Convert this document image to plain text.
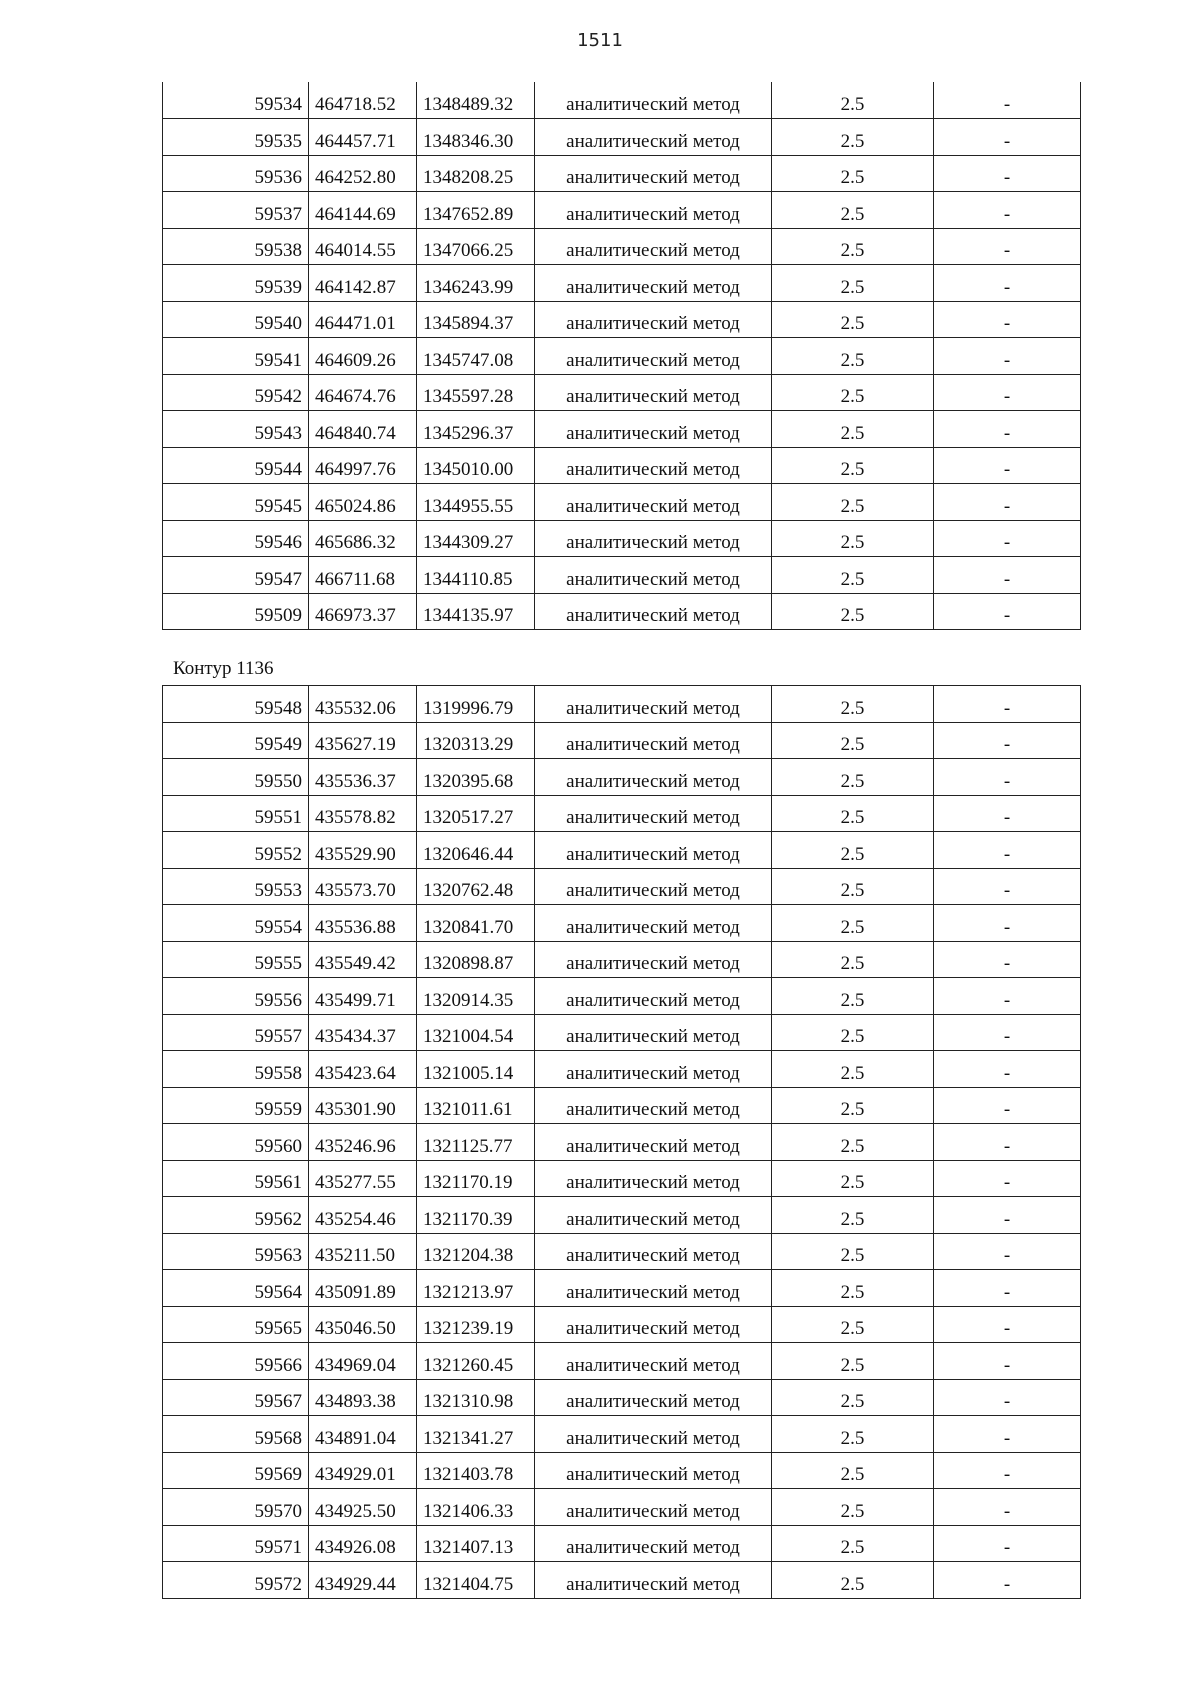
1511
59534	464718.52	1348489.32	аналитический метод	2.5	-
59535	464457.71	1348346.30	аналитический метод	2.5	-
59536	464252.80	1348208.25	аналитический метод	2.5	-
59537	464144.69	1347652.89	аналитический метод	2.5	-
59538	464014.55	1347066.25	аналитический метод	2.5	-
59539	464142.87	1346243.99	аналитический метод	2.5	-
59540	464471.01	1345894.37	аналитический метод	2.5	-
59541	464609.26	1345747.08	аналитический метод	2.5	-
59542	464674.76	1345597.28	аналитический метод	2.5	-
59543	464840.74	1345296.37	аналитический метод	2.5	-
59544	464997.76	1345010.00	аналитический метод	2.5	-
59545	465024.86	1344955.55	аналитический метод	2.5	-
59546	465686.32	1344309.27	аналитический метод	2.5	-
59547	466711.68	1344110.85	аналитический метод	2.5	-
59509	466973.37	1344135.97	аналитический метод	2.5	-
Контур 1136
59548	435532.06	1319996.79	аналитический метод	2.5	-
59549	435627.19	1320313.29	аналитический метод	2.5	-
59550	435536.37	1320395.68	аналитический метод	2.5	-
59551	435578.82	1320517.27	аналитический метод	2.5	-
59552	435529.90	1320646.44	аналитический метод	2.5	-
59553	435573.70	1320762.48	аналитический метод	2.5	-
59554	435536.88	1320841.70	аналитический метод	2.5	-
59555	435549.42	1320898.87	аналитический метод	2.5	-
59556	435499.71	1320914.35	аналитический метод	2.5	-
59557	435434.37	1321004.54	аналитический метод	2.5	-
59558	435423.64	1321005.14	аналитический метод	2.5	-
59559	435301.90	1321011.61	аналитический метод	2.5	-
59560	435246.96	1321125.77	аналитический метод	2.5	-
59561	435277.55	1321170.19	аналитический метод	2.5	-
59562	435254.46	1321170.39	аналитический метод	2.5	-
59563	435211.50	1321204.38	аналитический метод	2.5	-
59564	435091.89	1321213.97	аналитический метод	2.5	-
59565	435046.50	1321239.19	аналитический метод	2.5	-
59566	434969.04	1321260.45	аналитический метод	2.5	-
59567	434893.38	1321310.98	аналитический метод	2.5	-
59568	434891.04	1321341.27	аналитический метод	2.5	-
59569	434929.01	1321403.78	аналитический метод	2.5	-
59570	434925.50	1321406.33	аналитический метод	2.5	-
59571	434926.08	1321407.13	аналитический метод	2.5	-
59572	434929.44	1321404.75	аналитический метод	2.5	-
